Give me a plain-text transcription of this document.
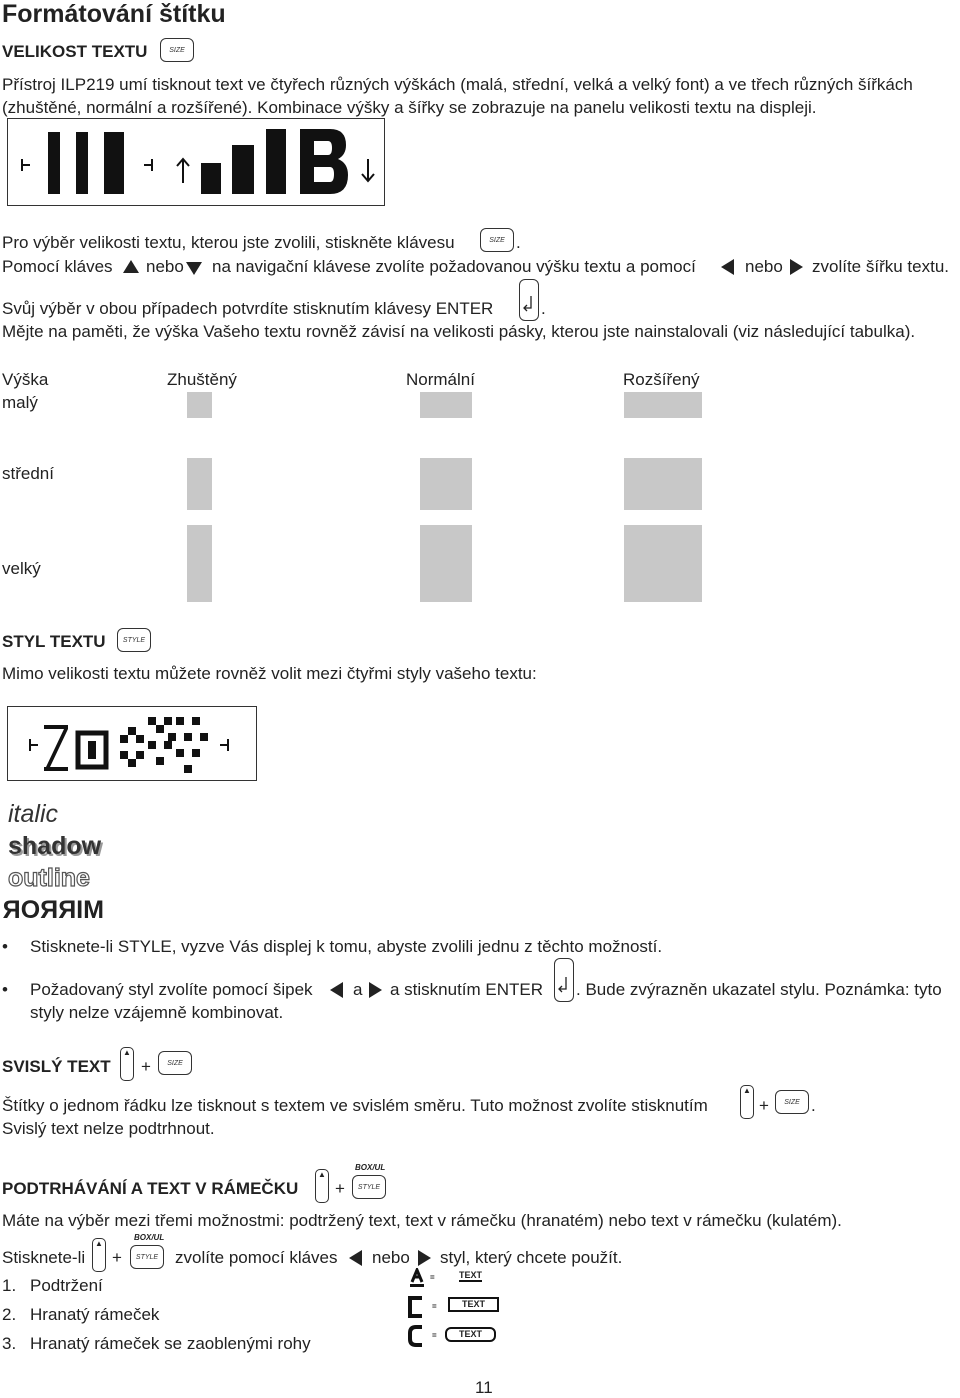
Formátování štítku
VELIKOST TEXTU	SIZE
Přístroj ILP219 umí tisknout text ve čtyřech různých výškách (malá, střední, velká a velký font) a ve třech různých šířkách
(zhuštěné, normální a rozšířené). Kombinace výšky a šířky se zobrazuje na panelu velikosti textu na displeji.
Pro výběr velikosti textu, kterou jste zvolili, stiskněte klávesu	SIZE .
Pomocí kláves nebo na navigační klávese zvolíte požadovanou výšku textu a pomocí	nebo zvolíte šířku textu.
Svůj výběr v obou případech potvrdíte stisknutím klávesy ENTER	.
Mějte na paměti, že výška Vašeho textu rovněž závisí na velikosti pásky, kterou jste nainstalovali (viz následující tabulka).
Výška	Zhuštěný	Normální	Rozšířený
malý
střední
velký
STYL TEXTU STYLE
Mimo velikosti textu můžete rovněž volit mezi čtyřmi styly vašeho textu:
italic
shadow
outline
MIRROR
• Stisknete-li STYLE, vyzve Vás displej k tomu, abyste zvolili jednu z těchto možností.
• Požadovaný styl zvolíte pomocí šipek a a stisknutím ENTER . Bude zvýrazněn ukazatel stylu. Poznámka: tyto
styly nelze vzájemně kombinovat.
SVISLÝ TEXT
▲
+ SIZE
Štítky o jednom řádku lze tisknout s textem ve svislém směru. Tuto možnost zvolíte stisknutím
▲
+ SIZE .
Svislý text nelze podtrhnout.
PODTRHÁVÁNÍ A TEXT V RÁMEČKU
▲
+
BOX/UL
STYLE
Máte na výběr mezi třemi možnostmi: podtržený text, text v rámečku (hranatém) nebo text v rámečku (kulatém).
Stisknete-li
▲
+
BOX/UL
STYLE zvolíte pomocí kláves nebo styl, který chcete použít.
1. Podtržení
2. Hranatý rámeček
3. Hranatý rámeček se zaoblenými rohy
=	TEXT
=	TEXT
=	TEXT
11
